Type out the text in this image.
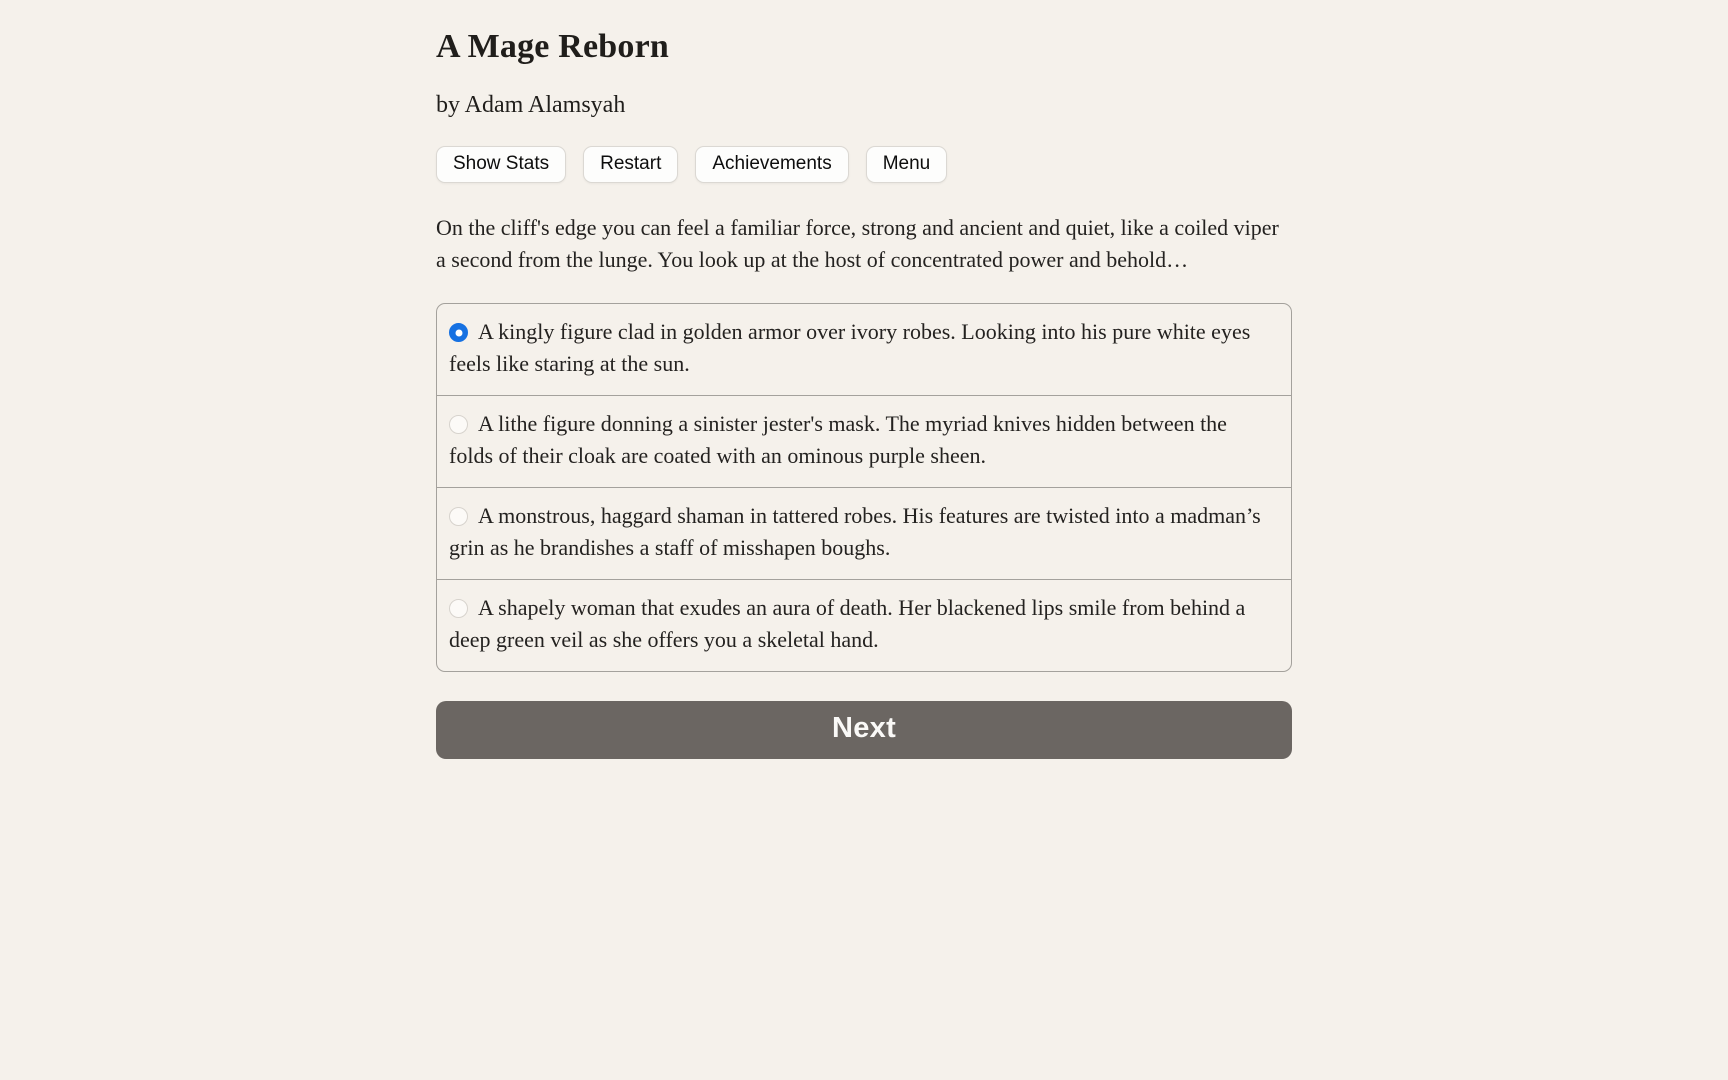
A Mage Reborn

by Adam Alamsyah

Show Stats	Restart	Achievements	Menu

On the cliff's edge you can feel a familiar force, strong and ancient and quiet, like a coiled viper a second from the lunge. You look up at the host of concentrated power and behold…

A kingly figure clad in golden armor over ivory robes. Looking into his pure white eyes feels like staring at the sun.
A lithe figure donning a sinister jester's mask. The myriad knives hidden between the folds of their cloak are coated with an ominous purple sheen.
A monstrous, haggard shaman in tattered robes. His features are twisted into a madman’s grin as he brandishes a staff of misshapen boughs.
A shapely woman that exudes an aura of death. Her blackened lips smile from behind a deep green veil as she offers you a skeletal hand.
Next
